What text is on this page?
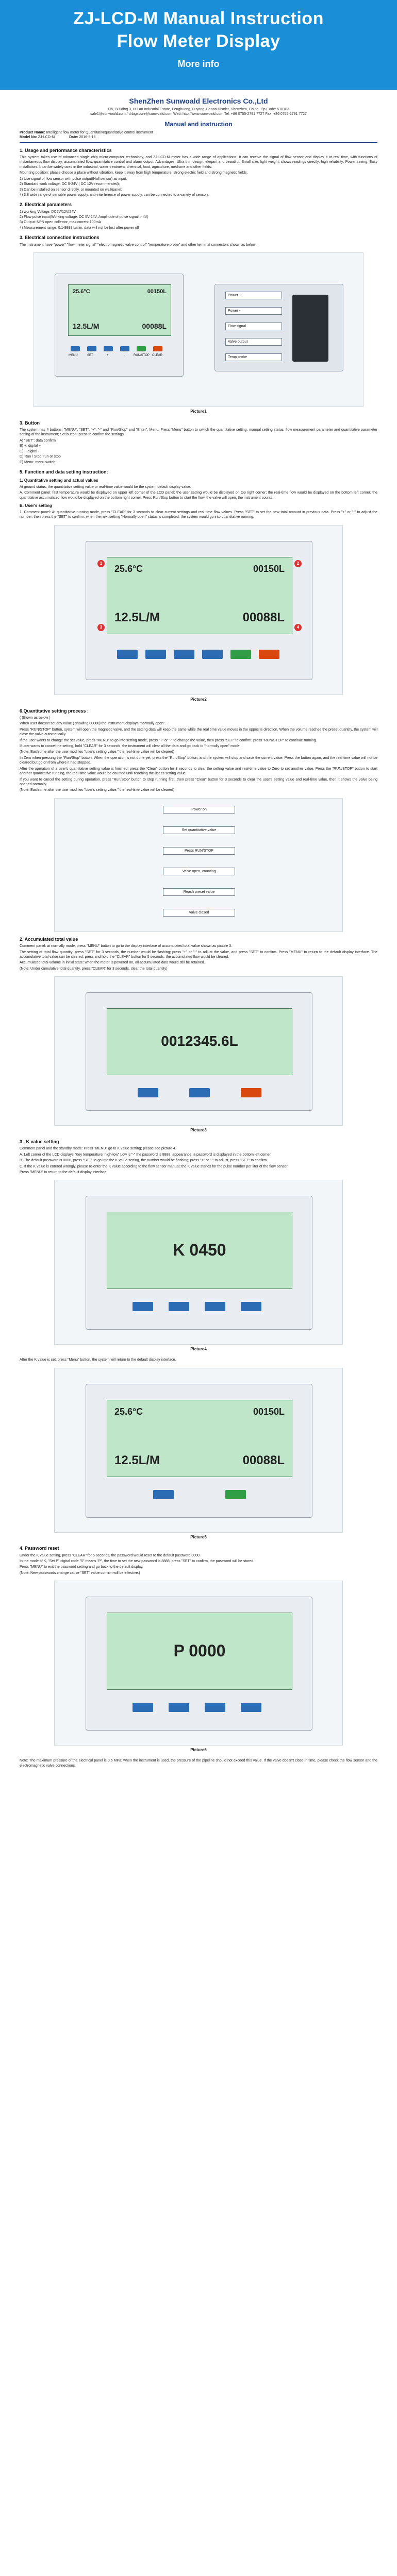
ZJ-LCD-M Manual Instruction
Flow Meter Display
More info
ShenZhen Sunwoald Electronics Co.,Ltd
F/5, Building 3, Hui'an Industrial Estate, Fenghuang, Fuyong, Baoan District, Shenzhen, China. Zip Code: 518103
sale1@sunwoald.com / drbigscore@sunwoald.com Web: http://www.sunwoald.com Tel: +86 0755-2791 7727 Fax: +86 0755-2791 7727
Manual and instruction
Product Name: Intelligent flow meter for Quantitativequantitative control instrument
Model No: ZJ-LCD-M	Date: 2016-5-16
1. Usage and performance characteristics

This system takes use of advanced single chip micro-computer technology, and ZJ-LCD-M meter has a wide range of applications. It can receive the signal of flow sensor and display it at real time, with functions of instantaneous flow display, accumulated flow, quantitative control and alarm output. Advantages: Ultra thin design, elegant and beautiful; Small size, light weight; shows readings directly; high reliability; Power saving; Easy installation. It can be widely used in the industrial, water treatment, chemical, food, agriculture, medicine and other fields.

Mounting position: please choose a place without vibration, keep it away from high temperature, strong electric field and strong magnetic fields.

1) Use signal of flow sensor with pulse output(Hall sensor) as input;
2) Standard work voltage: DC 5-24V ( DC 12V recommended);
3) Can be installed on sensor directly, or mounted on wall/panel;
4) 3.8 wide range of sensible power supply, anti-interference of power supply, can be connected to a variety of sensors.
2. Electrical parameters
1) working Voltage: DC5V/12V/24V
2) Flow pulse input(Working voltage: DC 5V-24V, Amplitude of pulse signal > 4V)
3) Output: NPN open collector, max current 100mA
4) Measurement range: 0.1-9999 L/min, data will not be lost after power off
3. Electrical connection instructions

The instrument have "power" "flow meter signal" "electromagnetic valve control" "temperature probe" and other terminal connectors shown as below:

25.6°C	00150L
12.5L/M	00088L
MENU	SET	+	-	RUN/STOP CLEAR
Power +
Power -
Flow signal
Valve output
Temp probe
Picture1
3. Button

The system has 4 buttons: "MENU", "SET", "+", "-" and "Run/Stop" and "Enter". Menu: Press "Menu" button to switch the quantitative setting, manual setting status, flow measurement parameter and quantitative parameter setting of the instrument; Set button: press to confirm the settings.

A) "SET": data confirm
B) +: digital +
C) -: digital -
D) Run / Stop: run or stop
E) Menu: menu switch
5. Function and data setting instruction:
1. Quantitative setting and actual values

At ground status, the quantitative setting value or real-time value would be the system default display value.

A. Comment panel: first temperature would be displayed on upper left corner of the LCD panel; the user setting would be displayed on top right corner; the real-time flow would be displayed on the bottom left corner; the quantitative accumulated flow would be displayed on the bottom right corner. Press Run/Stop button to start the flow, the valve will open, the instrument counts.

B. User's setting

1. Comment panel: At quantitative running mode, press "CLEAR" for 3 seconds to clear current settings and real-time flow values. Press "SET" to set the new total amount in previous data. Press "+" or "-" to adjust the number, then press the "SET" to confirm; when the next setting "Normally open" status is completed, the system would go into quantitative running.

25.6°C	00150L
12.5L/M	00088L
1	2
3	4
Picture2
6.Quantitative setting process :
( Shown as below )

When user doesn't set any value ( showing 00000) the instrument displays "normally open".

Press "RUN/STOP" button, system will open the magnetic valve, and the setting data will keep the same while the real time value moves in the opposite direction. When the volume reaches the preset quantity, the system will close the valve automatically.

If the user wants to change the set value, press "MENU" to go into setting mode, press "+" or "-" to change the value, then press "SET" to confirm; press "RUN/STOP" to continue running.

If user wants to cancel the setting, hold "CLEAR" for 3 seconds, the instrument will clear all the data and go back to "normally open" mode.

(Note: Each time after the user modifies "user's setting value," the real-time value will be cleared)

In Zero when pressing the "Run/Stop" button: When the operation is not done yet, press the "Run/Stop" button, and the system will stop and save the current value. Press the button again, and the real time value will not be cleared but go on from where it had stopped.

After the operation of a user's quantitative setting value is finished, press the "Clear" button for 3 seconds to clear the setting value and real-time value to Zero to set another value. Press the "RUN/STOP" button to start another quantitative running, the real-time value would be counted until reaching the user's setting value.

If you want to cancel the setting during operation, press "Run/Stop" button to stop running first, then press "Clear" button for 3 seconds to clear the user's setting value and real-time value, then it shows the valve being opened normally.

(Note: Each time after the user modifies "user's setting value," the real-time value will be cleared)

Power on
Set quantitative value
Press RUN/STOP
Valve open, counting
Reach preset value
Valve closed
2. Accumulated total value

Comment panel: at normally mode, press "MENU" button to go to the display interface of accumulated total value shown as picture 3.

The setting of total flow quantity: press "SET" for 3 seconds, the number would be flashing; press "+" or "-" to adjust the value, and press "SET" to confirm. Press "MENU" to return to the default display interface. The accumulative total value can be cleared: press and hold the "CLEAR" button for 5 seconds, the accumulated flow would be cleared.

Accumulated total volume in initial state: when the meter is powered on, all accumulated data would still be retained.

(Note: Under cumulative total quantity, press "CLEAR" for 3 seconds, clear the total quantity)

0012345.6L
Picture3
3 . K value setting

Comment panel and the standby mode: Press "MENU" go to K value setting; please see picture 4.

A. Left corner of the LCD displays "Key temperature: high-low" Low is "-" the password is 8888, appearance, a password is displayed in the bottom left corner.

B. The default password is 0000, press "SET" to go into the K value setting, the number would be flashing; press "+" or "-" to adjust, press "SET" to confirm.

C. If the K value is entered wrongly, please re-enter the K value according to the flow sensor manual; the K value stands for the pulse number per liter of the flow sensor.

Press "MENU" to return to the default display interface.

K 0450
Picture4

After the K value is set, press "Menu" button, the system will return to the default display interface.

25.6°C	00150L
12.5L/M	00088L
Picture5
4. Password reset

Under the K value setting, press "CLEAR" for 5 seconds, the password would reset to the default password 0000.

In the mode of K, "Set P" digital code "5" means "P", the time to set the new password is 8888; press "SET" to confirm, the password will be stored.

Press "MENU" to exit the password setting and go back to the default display.

(Note: New passwords change cause "SET" value confirm will be effective.)

P 0000
Picture6

Note: The maximum pressure of the electrical panel is 0.6 MPa; when the instrument is used, the pressure of the pipeline should not exceed this value. If the valve doesn't close in time, please check the flow sensor and the electromagnetic valve connections.
